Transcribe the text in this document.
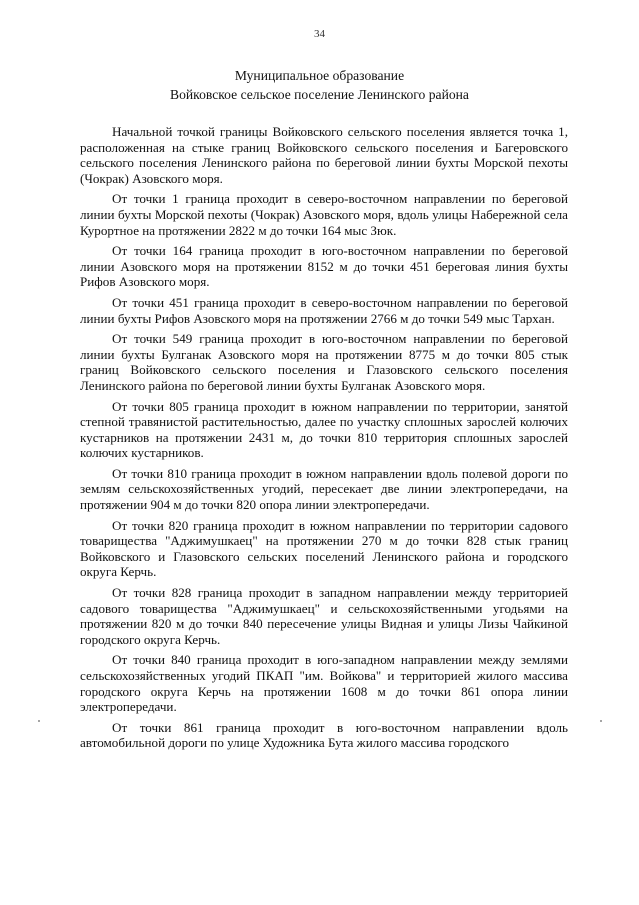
34
Муниципальное образование
Войковское сельское поселение Ленинского района

Начальной точкой границы Войковского сельского поселения является точка 1, расположенная на стыке границ Войковского сельского поселения и Багеровского сельского поселения Ленинского района по береговой линии бухты Морской пехоты (Чокрак) Азовского моря.

От точки 1 граница проходит в северо-восточном направлении по береговой линии бухты Морской пехоты (Чокрак) Азовского моря, вдоль улицы Набережной села Курортное на протяжении 2822 м до точки 164 мыс Зюк.

От точки 164 граница проходит в юго-восточном направлении по береговой линии Азовского моря на протяжении 8152 м до точки 451 береговая линия бухты Рифов Азовского моря.

От точки 451 граница проходит в северо-восточном направлении по береговой линии бухты Рифов Азовского моря на протяжении 2766 м до точки 549 мыс Тархан.

От точки 549 граница проходит в юго-восточном направлении по береговой линии бухты Булганак Азовского моря на протяжении 8775 м до точки 805 стык границ Войковского сельского поселения и Глазовского сельского поселения Ленинского района по береговой линии бухты Булганак Азовского моря.

От точки 805 граница проходит в южном направлении по территории, занятой степной травянистой растительностью, далее по участку сплошных зарослей колючих кустарников на протяжении 2431 м, до точки 810 территория сплошных зарослей колючих кустарников.

От точки 810 граница проходит в южном направлении вдоль полевой дороги по землям сельскохозяйственных угодий, пересекает две линии электропередачи, на протяжении 904 м до точки 820 опора линии электропередачи.

От точки 820 граница проходит в южном направлении по территории садового товарищества "Аджимушкаец" на протяжении 270 м до точки 828 стык границ Войковского и Глазовского сельских поселений Ленинского района и городского округа Керчь.

От точки 828 граница проходит в западном направлении между территорией садового товарищества "Аджимушкаец" и сельскохозяйственными угодьями на протяжении 820 м до точки 840 пересечение улицы Видная и улицы Лизы Чайкиной городского округа Керчь.

От точки 840 граница проходит в юго-западном направлении между землями сельскохозяйственных угодий ПКАП "им. Войкова" и территорией жилого массива городского округа Керчь на протяжении 1608 м до точки 861 опора линии электропередачи.

От точки 861 граница проходит в юго-восточном направлении вдоль автомобильной дороги по улице Художника Бута жилого массива городского
